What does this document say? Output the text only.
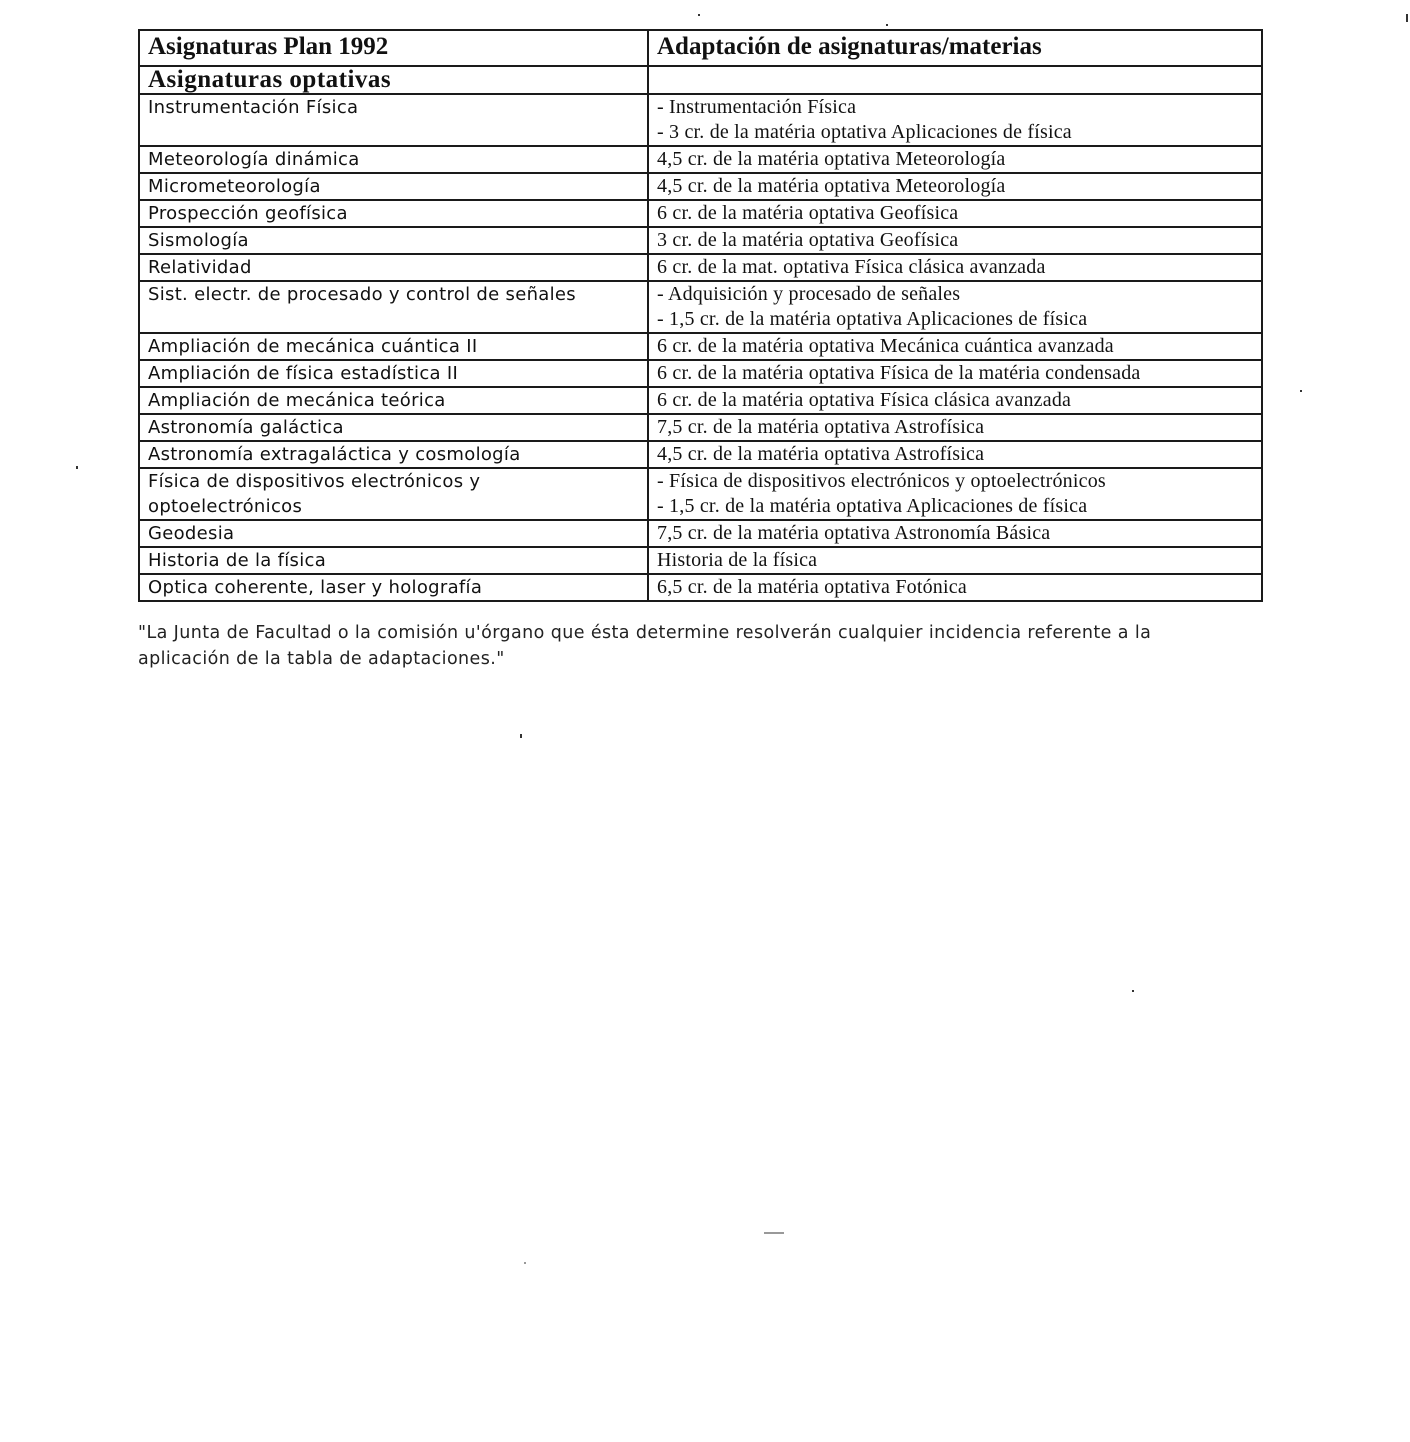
Asignaturas Plan 1992	Adaptación de asignaturas/materias
Asignaturas optativas	

Instrumentación Física	- Instrumentación Física
- 3 cr. de la matéria optativa Aplicaciones de física

Meteorología dinámica	4,5 cr. de la matéria optativa Meteorología

Micrometeorología	4,5 cr. de la matéria optativa Meteorología

Prospección geofísica	6 cr. de la matéria optativa Geofísica

Sismología	3 cr. de la matéria optativa Geofísica

Relatividad	6 cr. de la mat. optativa Física clásica avanzada

Sist. electr. de procesado y control de señales	- Adquisición y procesado de señales
- 1,5 cr. de la matéria optativa Aplicaciones de física

Ampliación de mecánica cuántica II	6 cr. de la matéria optativa Mecánica cuántica avanzada

Ampliación de física estadística II	6 cr. de la matéria optativa Física de la matéria condensada

Ampliación de mecánica teórica	6 cr. de la matéria optativa Física clásica avanzada

Astronomía galáctica	7,5 cr. de la matéria optativa Astrofísica

Astronomía extragaláctica y cosmología	4,5 cr. de la matéria optativa Astrofísica

Física de dispositivos electrónicos y
optoelectrónicos	- Física de dispositivos electrónicos y optoelectrónicos
- 1,5 cr. de la matéria optativa Aplicaciones de física

Geodesia	7,5 cr. de la matéria optativa Astronomía Básica

Historia de la física	Historia de la física

Optica coherente, laser y holografía	6,5 cr. de la matéria optativa Fotónica
"La Junta de Facultad o la comisión u'órgano que ésta determine resolverán cualquier incidencia referente a la
aplicación de la tabla de adaptaciones."
